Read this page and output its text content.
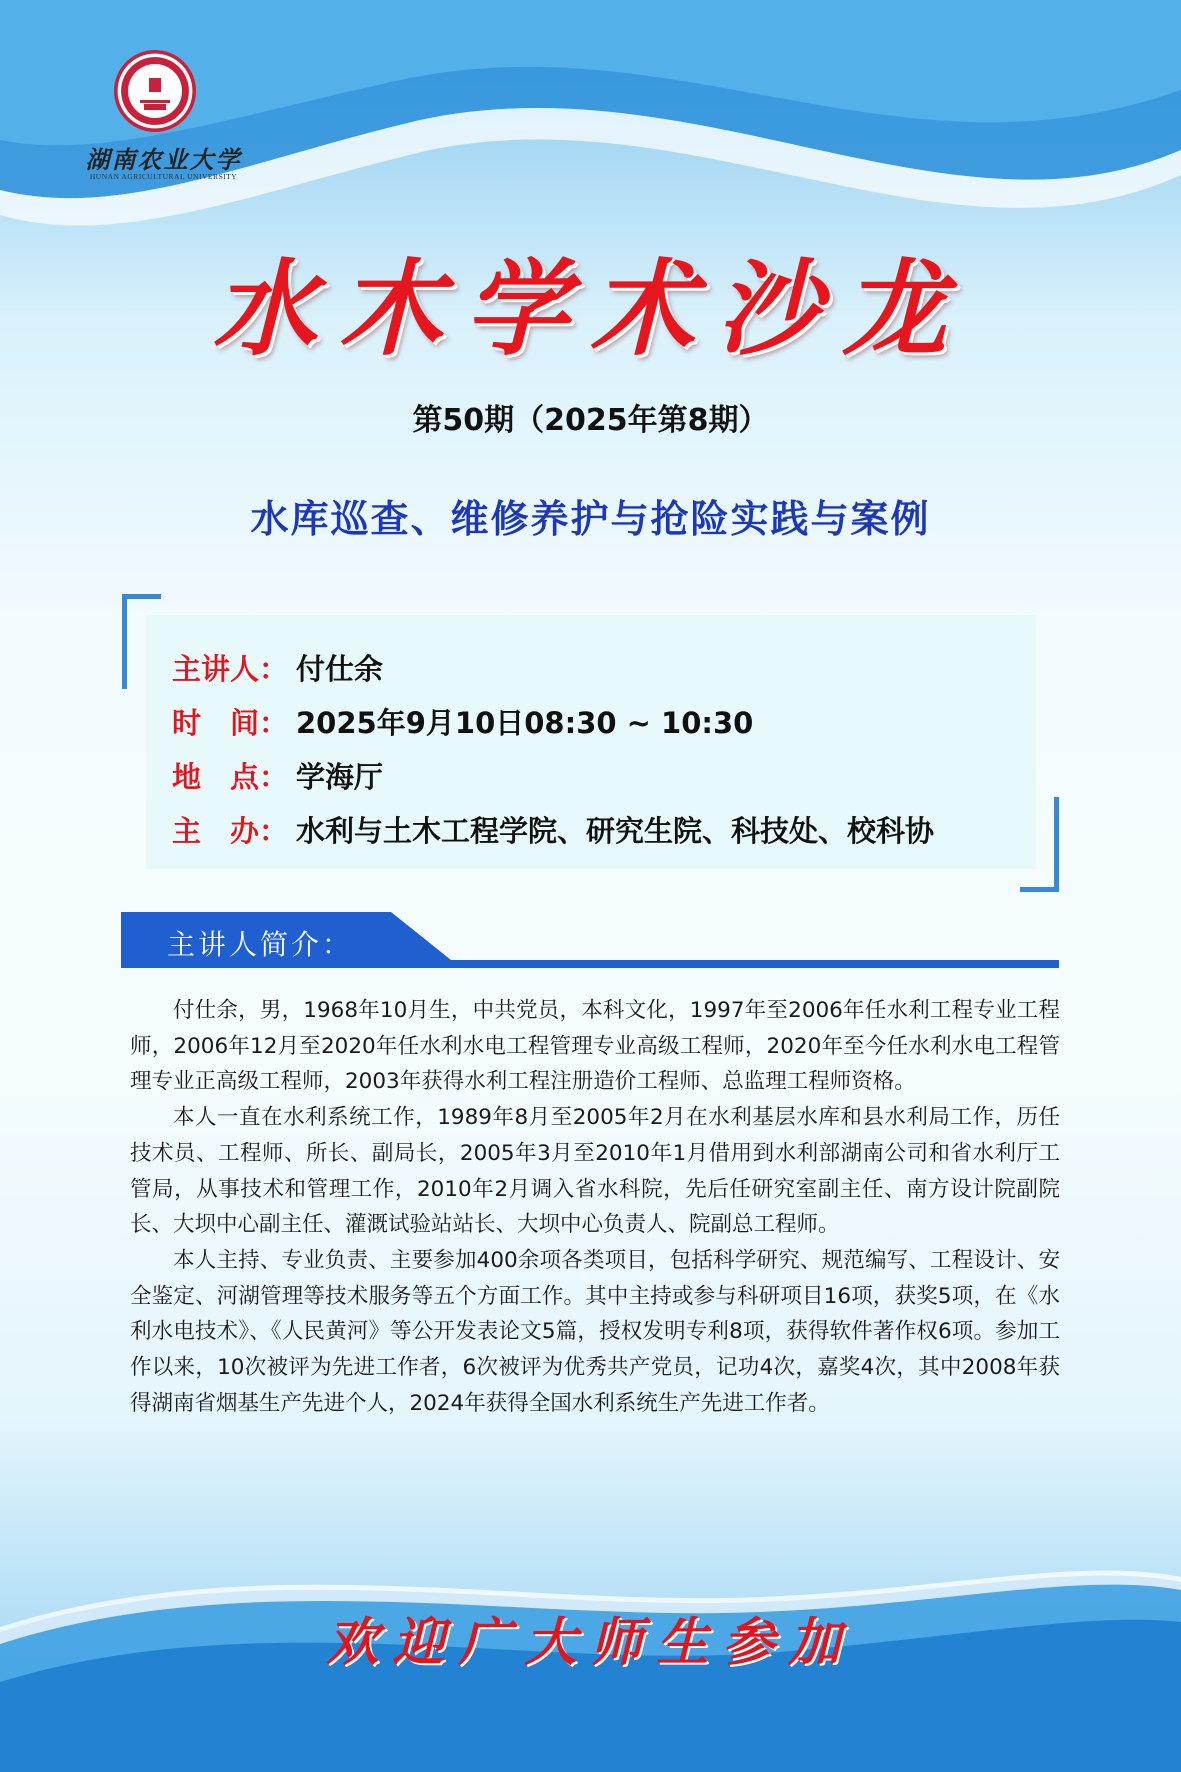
湖南农业大学
HUNAN AGRICULTURAL UNIVERSITY
水木学术沙龙
第50期（2025年第8期）
水库巡查、维修养护与抢险实践与案例
主讲人： 付仕余
时　间： 2025年9月10日08:30 ~ 10:30
地　点： 学海厅
主　办： 水利与土木工程学院、研究生院、科技处、校科协
主讲人简介：

付仕余，男，1968年10月生，中共党员，本科文化，1997年至2006年任水利工程专业工程师，2006年12月至2020年任水利水电工程管理专业高级工程师，2020年至今任水利水电工程管理专业正高级工程师，2003年获得水利工程注册造价工程师、总监理工程师资格。

本人一直在水利系统工作，1989年8月至2005年2月在水利基层水库和县水利局工作，历任技术员、工程师、所长、副局长，2005年3月至2010年1月借用到水利部湖南公司和省水利厅工管局，从事技术和管理工作，2010年2月调入省水科院，先后任研究室副主任、南方设计院副院长、大坝中心副主任、灌溉试验站站长、大坝中心负责人、院副总工程师。

本人主持、专业负责、主要参加400余项各类项目，包括科学研究、规范编写、工程设计、安全鉴定、河湖管理等技术服务等五个方面工作。其中主持或参与科研项目16项，获奖5项，在《水利水电技术》、《人民黄河》等公开发表论文5篇，授权发明专利8项，获得软件著作权6项。参加工作以来，10次被评为先进工作者，6次被评为优秀共产党员，记功4次，嘉奖4次，其中2008年获得湖南省烟基生产先进个人，2024年获得全国水利系统生产先进工作者。

欢迎广大师生参加
